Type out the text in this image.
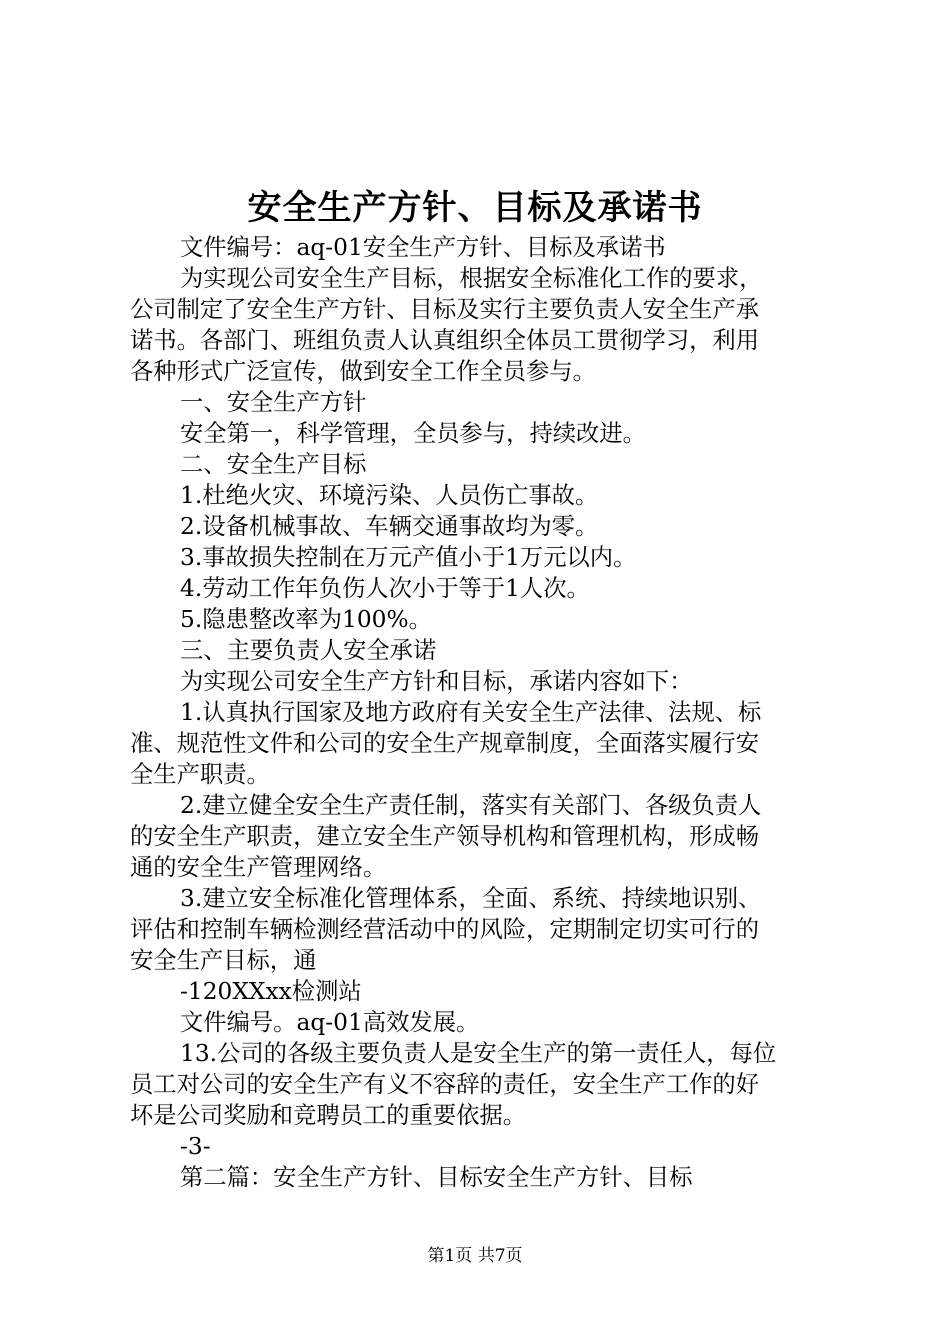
安全生产方针、目标及承诺书
文件编号：aq-01安全生产方针、目标及承诺书
为实现公司安全生产目标，根据安全标准化工作的要求，
公司制定了安全生产方针、目标及实行主要负责人安全生产承
诺书。各部门、班组负责人认真组织全体员工贯彻学习，利用
各种形式广泛宣传，做到安全工作全员参与。
一、安全生产方针
安全第一，科学管理，全员参与，持续改进。
二、安全生产目标
1.杜绝火灾、环境污染、人员伤亡事故。
2.设备机械事故、车辆交通事故均为零。
3.事故损失控制在万元产值小于1万元以内。
4.劳动工作年负伤人次小于等于1人次。
5.隐患整改率为100%。
三、主要负责人安全承诺
为实现公司安全生产方针和目标，承诺内容如下：
1.认真执行国家及地方政府有关安全生产法律、法规、标
准、规范性文件和公司的安全生产规章制度，全面落实履行安
全生产职责。
2.建立健全安全生产责任制，落实有关部门、各级负责人
的安全生产职责，建立安全生产领导机构和管理机构，形成畅
通的安全生产管理网络。
3.建立安全标准化管理体系，全面、系统、持续地识别、
评估和控制车辆检测经营活动中的风险，定期制定切实可行的
安全生产目标，通
-120XXxx检测站
文件编号。aq-01高效发展。
13.公司的各级主要负责人是安全生产的第一责任人，每位
员工对公司的安全生产有义不容辞的责任，安全生产工作的好
坏是公司奖励和竞聘员工的重要依据。
-3-
第二篇：安全生产方针、目标安全生产方针、目标
第1页 共7页
